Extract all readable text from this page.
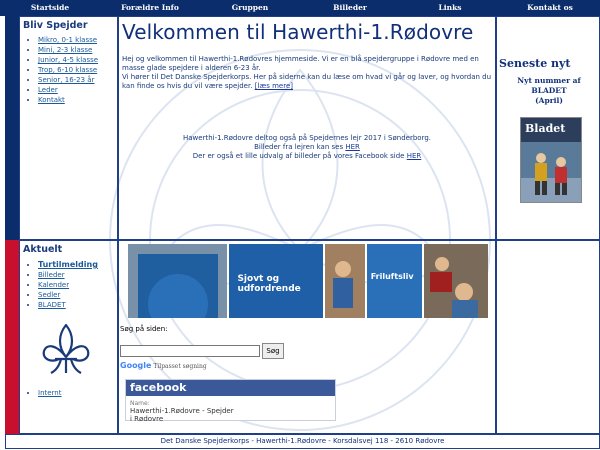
Startside	Forældre Info	Gruppen	Billeder	Links	Kontakt os
Bliv Spejder
• Mikro, 0-1 klasse
• Mini, 2-3 klasse
• Junior, 4-5 klasse
• Trop, 6-10 klasse
• Senior, 16-23 år
• Leder
• Kontakt
Velkommen til Hawerthi-1.Rødovre

Hej og velkommen til Hawerthi-1.Rødovres hjemmeside. Vi er en blå spejdergruppe i Rødovre med en masse glade spejdere i alderen 6-23 år.
Vi hører til Det Danske Spejderkorps. Her på siderne kan du læse om hvad vi går og laver, og hvordan du kan finde os hvis du vil være spejder. [læs mere]

Hawerthi-1.Rødovre deltog også på Spejdernes lejr 2017 i Sønderborg.

Billeder fra lejren kan ses HER

Der er også et lille udvalg af billeder på vores Facebook side HER

Seneste nyt
Nyt nummer af
BLADET
(April)
Bladet
Aktuelt
• Turtilmelding
• Billeder
• Kalender
• Sedler
• BLADET
• Internt
Sjovt og
udfordrende
Friluftsliv
Søg på siden:
Søg
Google Tilpasset søgning
facebook
Name:
Hawerthi-1.Rødovre - Spejder
i Rødovre
Det Danske Spejderkorps - Hawerthi-1.Rødovre - Korsdalsvej 118 - 2610 Rødovre
